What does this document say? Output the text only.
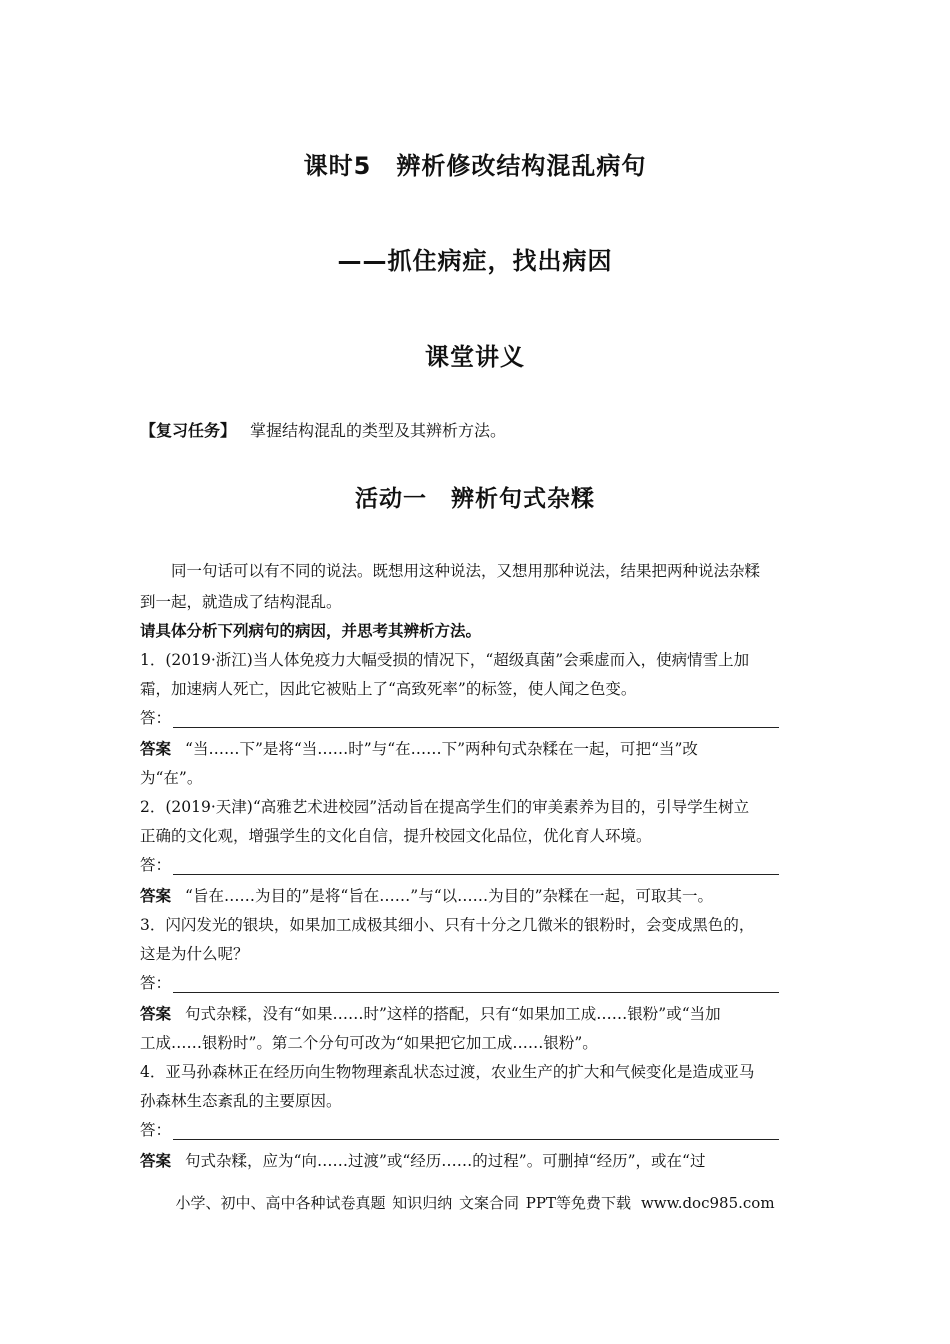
课时5　辨析修改结构混乱病句
——抓住病症，找出病因
课堂讲义
【复习任务】 掌握结构混乱的类型及其辨析方法。
活动一　辨析句式杂糅
　　同一句话可以有不同的说法。既想用这种说法，又想用那种说法，结果把两种说法杂糅
到一起，就造成了结构混乱。
请具体分析下列病句的病因，并思考其辨析方法。
1．(2019·浙江)当人体免疫力大幅受损的情况下，“超级真菌”会乘虚而入，使病情雪上加
霜，加速病人死亡，因此它被贴上了“高致死率”的标签，使人闻之色变。
答：
答案 “当……下”是将“当……时”与“在……下”两种句式杂糅在一起，可把“当”改
为“在”。
2．(2019·天津)“高雅艺术进校园”活动旨在提高学生们的审美素养为目的，引导学生树立
正确的文化观，增强学生的文化自信，提升校园文化品位，优化育人环境。
答：
答案 “旨在……为目的”是将“旨在……”与“以……为目的”杂糅在一起，可取其一。
3．闪闪发光的银块，如果加工成极其细小、只有十分之几微米的银粉时，会变成黑色的，
这是为什么呢？
答：
答案 句式杂糅，没有“如果……时”这样的搭配，只有“如果加工成……银粉”或“当加
工成……银粉时”。第二个分句可改为“如果把它加工成……银粉”。
4．亚马孙森林正在经历向生物物理紊乱状态过渡，农业生产的扩大和气候变化是造成亚马
孙森林生态紊乱的主要原因。
答：
答案 句式杂糅，应为“向……过渡”或“经历……的过程”。可删掉“经历”，或在“过
小学、初中、高中各种试卷真题 知识归纳 文案合同 PPT等免费下载 www.doc985.com
